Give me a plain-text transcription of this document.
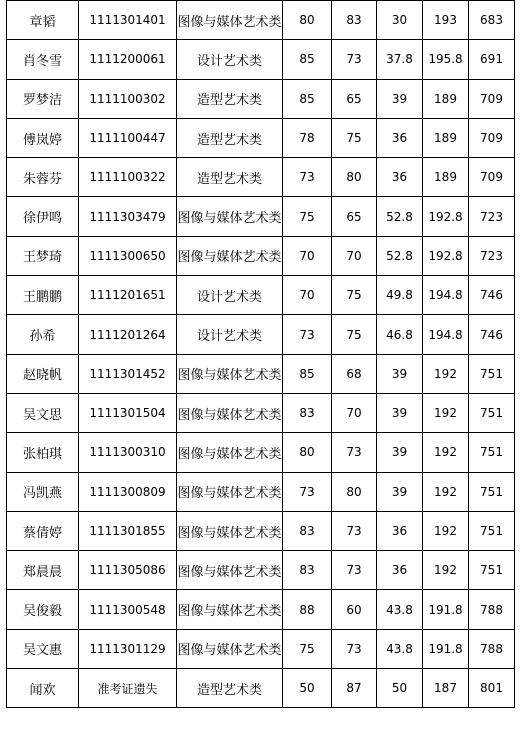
章韬	1111301401	图像与媒体艺术类	80	83	30	193	683
肖冬雪	1111200061	设计艺术类	85	73	37.8	195.8	691
罗梦洁	1111100302	造型艺术类	85	65	39	189	709
傅岚婷	1111100447	造型艺术类	78	75	36	189	709
朱蓉芬	1111100322	造型艺术类	73	80	36	189	709
徐伊鸣	1111303479	图像与媒体艺术类	75	65	52.8	192.8	723
王梦琦	1111300650	图像与媒体艺术类	70	70	52.8	192.8	723
王鹏鹏	1111201651	设计艺术类	70	75	49.8	194.8	746
孙希	1111201264	设计艺术类	73	75	46.8	194.8	746
赵晓帆	1111301452	图像与媒体艺术类	85	68	39	192	751
吴文思	1111301504	图像与媒体艺术类	83	70	39	192	751
张柏琪	1111300310	图像与媒体艺术类	80	73	39	192	751
冯凯燕	1111300809	图像与媒体艺术类	73	80	39	192	751
蔡倩婷	1111301855	图像与媒体艺术类	83	73	36	192	751
郑晨晨	1111305086	图像与媒体艺术类	83	73	36	192	751
吴俊毅	1111300548	图像与媒体艺术类	88	60	43.8	191.8	788
吴文惠	1111301129	图像与媒体艺术类	75	73	43.8	191.8	788
闻欢	准考证遗失	造型艺术类	50	87	50	187	801
